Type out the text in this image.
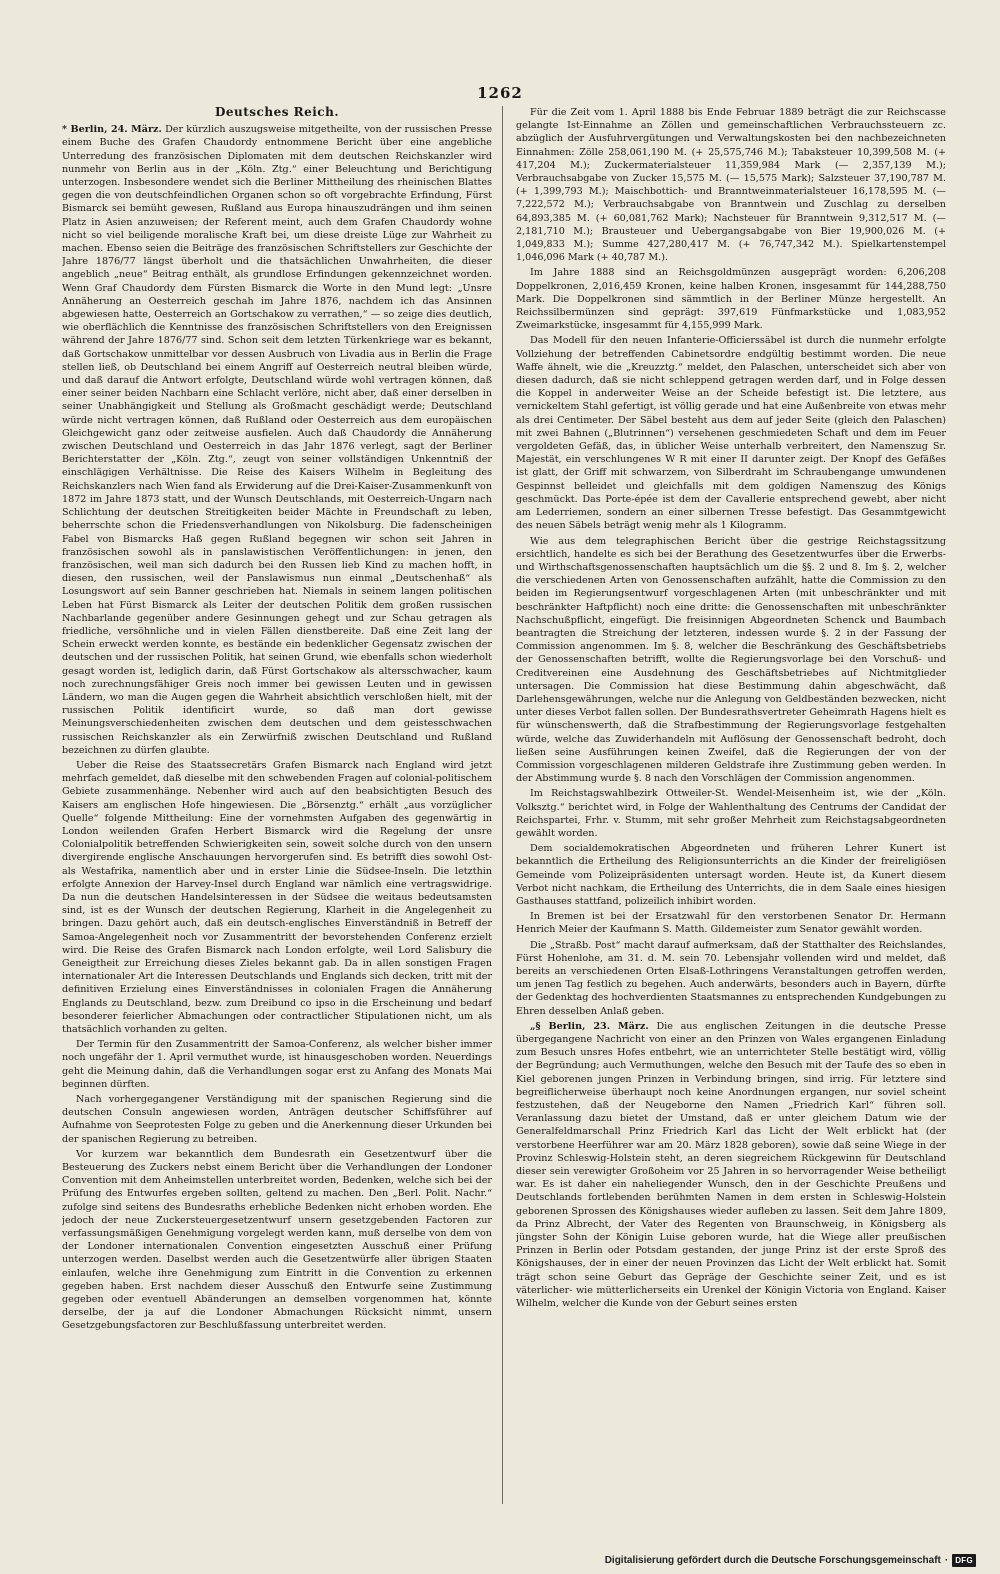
1262
Deutsches Reich.

* Berlin, 24. März. Der kürzlich auszugsweise mitgetheilte, von der russischen Presse einem Buche des Grafen Chaudordy entnommene Bericht über eine angebliche Unterredung des französischen Diplomaten mit dem deutschen Reichskanzler wird nunmehr von Berlin aus in der „Köln. Ztg.“ einer Beleuchtung und Berichtigung unterzogen. Insbesondere wendet sich die Berliner Mittheilung des rheinischen Blattes gegen die von deutschfeindlichen Organen schon so oft vorgebrachte Erfindung, Fürst Bismarck sei bemüht gewesen, Rußland aus Europa hinauszudrängen und ihm seinen Platz in Asien anzuweisen; der Referent meint, auch dem Grafen Chaudordy wohne nicht so viel beiligende moralische Kraft bei, um diese dreiste Lüge zur Wahrheit zu machen. Ebenso seien die Beiträge des französischen Schriftstellers zur Geschichte der Jahre 1876/77 längst überholt und die thatsächlichen Unwahrheiten, die dieser angeblich „neue“ Beitrag enthält, als grundlose Erfindungen gekennzeichnet worden. Wenn Graf Chaudordy dem Fürsten Bismarck die Worte in den Mund legt: „Unsre Annäherung an Oesterreich geschah im Jahre 1876, nachdem ich das Ansinnen abgewiesen hatte, Oesterreich an Gortschakow zu verrathen,“ — so zeige dies deutlich, wie oberflächlich die Kenntnisse des französischen Schriftstellers von den Ereignissen während der Jahre 1876/77 sind. Schon seit dem letzten Türkenkriege war es bekannt, daß Gortschakow unmittelbar vor dessen Ausbruch von Livadia aus in Berlin die Frage stellen ließ, ob Deutschland bei einem Angriff auf Oesterreich neutral bleiben würde, und daß darauf die Antwort erfolgte, Deutschland würde wohl vertragen können, daß einer seiner beiden Nachbarn eine Schlacht verlöre, nicht aber, daß einer derselben in seiner Unabhängigkeit und Stellung als Großmacht geschädigt werde; Deutschland würde nicht vertragen können, daß Rußland oder Oesterreich aus dem europäischen Gleichgewicht ganz oder zeitweise ausfielen. Auch daß Chaudordy die Annäherung zwischen Deutschland und Oesterreich in das Jahr 1876 verlegt, sagt der Berliner Berichterstatter der „Köln. Ztg.“, zeugt von seiner vollständigen Unkenntniß der einschlägigen Verhältnisse. Die Reise des Kaisers Wilhelm in Begleitung des Reichskanzlers nach Wien fand als Erwiderung auf die Drei-Kaiser-Zusammenkunft von 1872 im Jahre 1873 statt, und der Wunsch Deutschlands, mit Oesterreich-Ungarn nach Schlichtung der deutschen Streitigkeiten beider Mächte in Freundschaft zu leben, beherrschte schon die Friedensverhandlungen von Nikolsburg. Die fadenscheinigen Fabel von Bismarcks Haß gegen Rußland begegnen wir schon seit Jahren in französischen sowohl als in panslawistischen Veröffentlichungen: in jenen, den französischen, weil man sich dadurch bei den Russen lieb Kind zu machen hofft, in diesen, den russischen, weil der Panslawismus nun einmal „Deutschenhaß“ als Losungswort auf sein Banner geschrieben hat. Niemals in seinem langen politischen Leben hat Fürst Bismarck als Leiter der deutschen Politik dem großen russischen Nachbarlande gegenüber andere Gesinnungen gehegt und zur Schau getragen als friedliche, versöhnliche und in vielen Fällen dienstbereite. Daß eine Zeit lang der Schein erweckt werden konnte, es bestände ein bedenklicher Gegensatz zwischen der deutschen und der russischen Politik, hat seinen Grund, wie ebenfalls schon wiederholt gesagt worden ist, lediglich darin, daß Fürst Gortschakow als altersschwacher, kaum noch zurechnungsfähiger Greis noch immer bei gewissen Leuten und in gewissen Ländern, wo man die Augen gegen die Wahrheit absichtlich verschloßen hielt, mit der russischen Politik identificirt wurde, so daß man dort gewisse Meinungsverschiedenheiten zwischen dem deutschen und dem geistesschwachen russischen Reichskanzler als ein Zerwürfniß zwischen Deutschland und Rußland bezeichnen zu dürfen glaubte.

Ueber die Reise des Staatssecretärs Grafen Bismarck nach England wird jetzt mehrfach gemeldet, daß dieselbe mit den schwebenden Fragen auf colonial-politischem Gebiete zusammenhänge. Nebenher wird auch auf den beabsichtigten Besuch des Kaisers am englischen Hofe hingewiesen. Die „Börsenztg.“ erhält „aus vorzüglicher Quelle“ folgende Mittheilung: Eine der vornehmsten Aufgaben des gegenwärtig in London weilenden Grafen Herbert Bismarck wird die Regelung der unsre Colonialpolitik betreffenden Schwierigkeiten sein, soweit solche durch von den unsern divergirende englische Anschauungen hervorgerufen sind. Es betrifft dies sowohl Ost- als Westafrika, namentlich aber und in erster Linie die Südsee-Inseln. Die letzthin erfolgte Annexion der Harvey-Insel durch England war nämlich eine vertragswidrige. Da nun die deutschen Handelsinteressen in der Südsee die weitaus bedeutsamsten sind, ist es der Wunsch der deutschen Regierung, Klarheit in die Angelegenheit zu bringen. Dazu gehört auch, daß ein deutsch-englisches Einverständniß in Betreff der Samoa-Angelegenheit noch vor Zusammentritt der bevorstehenden Conferenz erzielt wird. Die Reise des Grafen Bismarck nach London erfolgte, weil Lord Salisbury die Geneigtheit zur Erreichung dieses Zieles bekannt gab. Da in allen sonstigen Fragen internationaler Art die Interessen Deutschlands und Englands sich decken, tritt mit der definitiven Erzielung eines Einverständnisses in colonialen Fragen die Annäherung Englands zu Deutschland, bezw. zum Dreibund co ipso in die Erscheinung und bedarf besonderer feierlicher Abmachungen oder contractlicher Stipulationen nicht, um als thatsächlich vorhanden zu gelten.

Der Termin für den Zusammentritt der Samoa-Conferenz, als welcher bisher immer noch ungefähr der 1. April vermuthet wurde, ist hinausgeschoben worden. Neuerdings geht die Meinung dahin, daß die Verhandlungen sogar erst zu Anfang des Monats Mai beginnen dürften.

Nach vorhergegangener Verständigung mit der spanischen Regierung sind die deutschen Consuln angewiesen worden, Anträgen deutscher Schiffsführer auf Aufnahme von Seeprotesten Folge zu geben und die Anerkennung dieser Urkunden bei der spanischen Regierung zu betreiben.

Vor kurzem war bekanntlich dem Bundesrath ein Gesetzentwurf über die Besteuerung des Zuckers nebst einem Bericht über die Verhandlungen der Londoner Convention mit dem Anheimstellen unterbreitet worden, Bedenken, welche sich bei der Prüfung des Entwurfes ergeben sollten, geltend zu machen. Den „Berl. Polit. Nachr.“ zufolge sind seitens des Bundesraths erhebliche Bedenken nicht erhoben worden. Ehe jedoch der neue Zuckersteuergesetzentwurf unsern gesetzgebenden Factoren zur verfassungsmäßigen Genehmigung vorgelegt werden kann, muß derselbe von dem von der Londoner internationalen Convention eingesetzten Ausschuß einer Prüfung unterzogen werden. Daselbst werden auch die Gesetzentwürfe aller übrigen Staaten einlaufen, welche ihre Genehmigung zum Eintritt in die Convention zu erkennen gegeben haben. Erst nachdem dieser Ausschuß den Entwurfe seine Zustimmung gegeben oder eventuell Abänderungen an demselben vorgenommen hat, könnte derselbe, der ja auf die Londoner Abmachungen Rücksicht nimmt, unsern Gesetzgebungsfactoren zur Beschlußfassung unterbreitet werden.

Für die Zeit vom 1. April 1888 bis Ende Februar 1889 beträgt die zur Reichscasse gelangte Ist-Einnahme an Zöllen und gemeinschaftlichen Verbrauchssteuern zc. abzüglich der Ausfuhrvergütungen und Verwaltungskosten bei den nachbezeichneten Einnahmen: Zölle 258,061,190 M. (+ 25,575,746 M.); Tabaksteuer 10,399,508 M. (+ 417,204 M.); Zuckermaterialsteuer 11,359,984 Mark (— 2,357,139 M.); Verbrauchsabgabe von Zucker 15,575 M. (— 15,575 Mark); Salzsteuer 37,190,787 M. (+ 1,399,793 M.); Maischbottich- und Branntweinmaterialsteuer 16,178,595 M. (— 7,222,572 M.); Verbrauchsabgabe von Branntwein und Zuschlag zu derselben 64,893,385 M. (+ 60,081,762 Mark); Nachsteuer für Branntwein 9,312,517 M. (— 2,181,710 M.); Brausteuer und Uebergangsabgabe von Bier 19,900,026 M. (+ 1,049,833 M.); Summe 427,280,417 M. (+ 76,747,342 M.). Spielkartenstempel 1,046,096 Mark (+ 40,787 M.).

Im Jahre 1888 sind an Reichsgoldmünzen ausgeprägt worden: 6,206,208 Doppelkronen, 2,016,459 Kronen, keine halben Kronen, insgesammt für 144,288,750 Mark. Die Doppelkronen sind sämmtlich in der Berliner Münze hergestellt. An Reichssilbermünzen sind geprägt: 397,619 Fünfmarkstücke und 1,083,952 Zweimarkstücke, insgesammt für 4,155,999 Mark.

Das Modell für den neuen Infanterie-Officierssäbel ist durch die nunmehr erfolgte Vollziehung der betreffenden Cabinetsordre endgültig bestimmt worden. Die neue Waffe ähnelt, wie die „Kreuzztg.“ meldet, den Palaschen, unterscheidet sich aber von diesen dadurch, daß sie nicht schleppend getragen werden darf, und in Folge dessen die Koppel in anderweiter Weise an der Scheide befestigt ist. Die letztere, aus vernickeltem Stahl gefertigt, ist völlig gerade und hat eine Außenbreite von etwas mehr als drei Centimeter. Der Säbel besteht aus dem auf jeder Seite (gleich den Palaschen) mit zwei Bahnen („Blutrinnen“) versehenen geschmiedeten Schaft und dem im Feuer vergoldeten Gefäß, das, in üblicher Weise unterhalb verbreitert, den Namenszug Sr. Majestät, ein verschlungenes W R mit einer II darunter zeigt. Der Knopf des Gefäßes ist glatt, der Griff mit schwarzem, von Silberdraht im Schraubengange umwundenen Gespinnst belleidet und gleichfalls mit dem goldigen Namenszug des Königs geschmückt. Das Porte-épée ist dem der Cavallerie entsprechend gewebt, aber nicht am Lederriemen, sondern an einer silbernen Tresse befestigt. Das Gesammtgewicht des neuen Säbels beträgt wenig mehr als 1 Kilogramm.

Wie aus dem telegraphischen Bericht über die gestrige Reichstagssitzung ersichtlich, handelte es sich bei der Berathung des Gesetzentwurfes über die Erwerbs- und Wirthschaftsgenossenschaften hauptsächlich um die §§. 2 und 8. Im §. 2, welcher die verschiedenen Arten von Genossenschaften aufzählt, hatte die Commission zu den beiden im Regierungsentwurf vorgeschlagenen Arten (mit unbeschränkter und mit beschränkter Haftpflicht) noch eine dritte: die Genossenschaften mit unbeschränkter Nachschußpflicht, eingefügt. Die freisinnigen Abgeordneten Schenck und Baumbach beantragten die Streichung der letzteren, indessen wurde §. 2 in der Fassung der Commission angenommen. Im §. 8, welcher die Beschränkung des Geschäftsbetriebs der Genossenschaften betrifft, wollte die Regierungsvorlage bei den Vorschuß- und Creditvereinen eine Ausdehnung des Geschäftsbetriebes auf Nichtmitglieder untersagen. Die Commission hat diese Bestimmung dahin abgeschwächt, daß Darlehensgewährungen, welche nur die Anlegung von Geldbeständen bezwecken, nicht unter dieses Verbot fallen sollen. Der Bundesrathsvertreter Geheimrath Hagens hielt es für wünschenswerth, daß die Strafbestimmung der Regierungsvorlage festgehalten würde, welche das Zuwiderhandeln mit Auflösung der Genossenschaft bedroht, doch ließen seine Ausführungen keinen Zweifel, daß die Regierungen der von der Commission vorgeschlagenen milderen Geldstrafe ihre Zustimmung geben werden. In der Abstimmung wurde §. 8 nach den Vorschlägen der Commission angenommen.

Im Reichstagswahlbezirk Ottweiler-St. Wendel-Meisenheim ist, wie der „Köln. Volksztg.“ berichtet wird, in Folge der Wahlenthaltung des Centrums der Candidat der Reichspartei, Frhr. v. Stumm, mit sehr großer Mehrheit zum Reichstagsabgeordneten gewählt worden.

Dem socialdemokratischen Abgeordneten und früheren Lehrer Kunert ist bekanntlich die Ertheilung des Religionsunterrichts an die Kinder der freireligiösen Gemeinde vom Polizeipräsidenten untersagt worden. Heute ist, da Kunert diesem Verbot nicht nachkam, die Ertheilung des Unterrichts, die in dem Saale eines hiesigen Gasthauses stattfand, polizeilich inhibirt worden.

In Bremen ist bei der Ersatzwahl für den verstorbenen Senator Dr. Hermann Henrich Meier der Kaufmann S. Matth. Gildemeister zum Senator gewählt worden.

Die „Straßb. Post“ macht darauf aufmerksam, daß der Statthalter des Reichslandes, Fürst Hohenlohe, am 31. d. M. sein 70. Lebensjahr vollenden wird und meldet, daß bereits an verschiedenen Orten Elsaß-Lothringens Veranstaltungen getroffen werden, um jenen Tag festlich zu begehen. Auch anderwärts, besonders auch in Bayern, dürfte der Gedenktag des hochverdienten Staatsmannes zu entsprechenden Kundgebungen zu Ehren desselben Anlaß geben.

„§ Berlin, 23. März. Die aus englischen Zeitungen in die deutsche Presse übergegangene Nachricht von einer an den Prinzen von Wales ergangenen Einladung zum Besuch unsres Hofes entbehrt, wie an unterrichteter Stelle bestätigt wird, völlig der Begründung; auch Vermuthungen, welche den Besuch mit der Taufe des so eben in Kiel geborenen jungen Prinzen in Verbindung bringen, sind irrig. Für letztere sind begreiflicherweise überhaupt noch keine Anordnungen ergangen, nur soviel scheint festzustehen, daß der Neugeborne den Namen „Friedrich Karl“ führen soll. Veranlassung dazu bietet der Umstand, daß er unter gleichem Datum wie der Generalfeldmarschall Prinz Friedrich Karl das Licht der Welt erblickt hat (der verstorbene Heerführer war am 20. März 1828 geboren), sowie daß seine Wiege in der Provinz Schleswig-Holstein steht, an deren siegreichem Rückgewinn für Deutschland dieser sein verewigter Großoheim vor 25 Jahren in so hervorragender Weise betheiligt war. Es ist daher ein naheliegender Wunsch, den in der Geschichte Preußens und Deutschlands fortlebenden berühmten Namen in dem ersten in Schleswig-Holstein geborenen Sprossen des Königshauses wieder aufleben zu lassen. Seit dem Jahre 1809, da Prinz Albrecht, der Vater des Regenten von Braunschweig, in Königsberg als jüngster Sohn der Königin Luise geboren wurde, hat die Wiege aller preußischen Prinzen in Berlin oder Potsdam gestanden, der junge Prinz ist der erste Sproß des Königshauses, der in einer der neuen Provinzen das Licht der Welt erblickt hat. Somit trägt schon seine Geburt das Gepräge der Geschichte seiner Zeit, und es ist väterlicher- wie mütterlicherseits ein Urenkel der Königin Victoria von England. Kaiser Wilhelm, welcher die Kunde von der Geburt seines ersten

Digitalisierung gefördert durch die Deutsche Forschungsgemeinschaft · DFG
